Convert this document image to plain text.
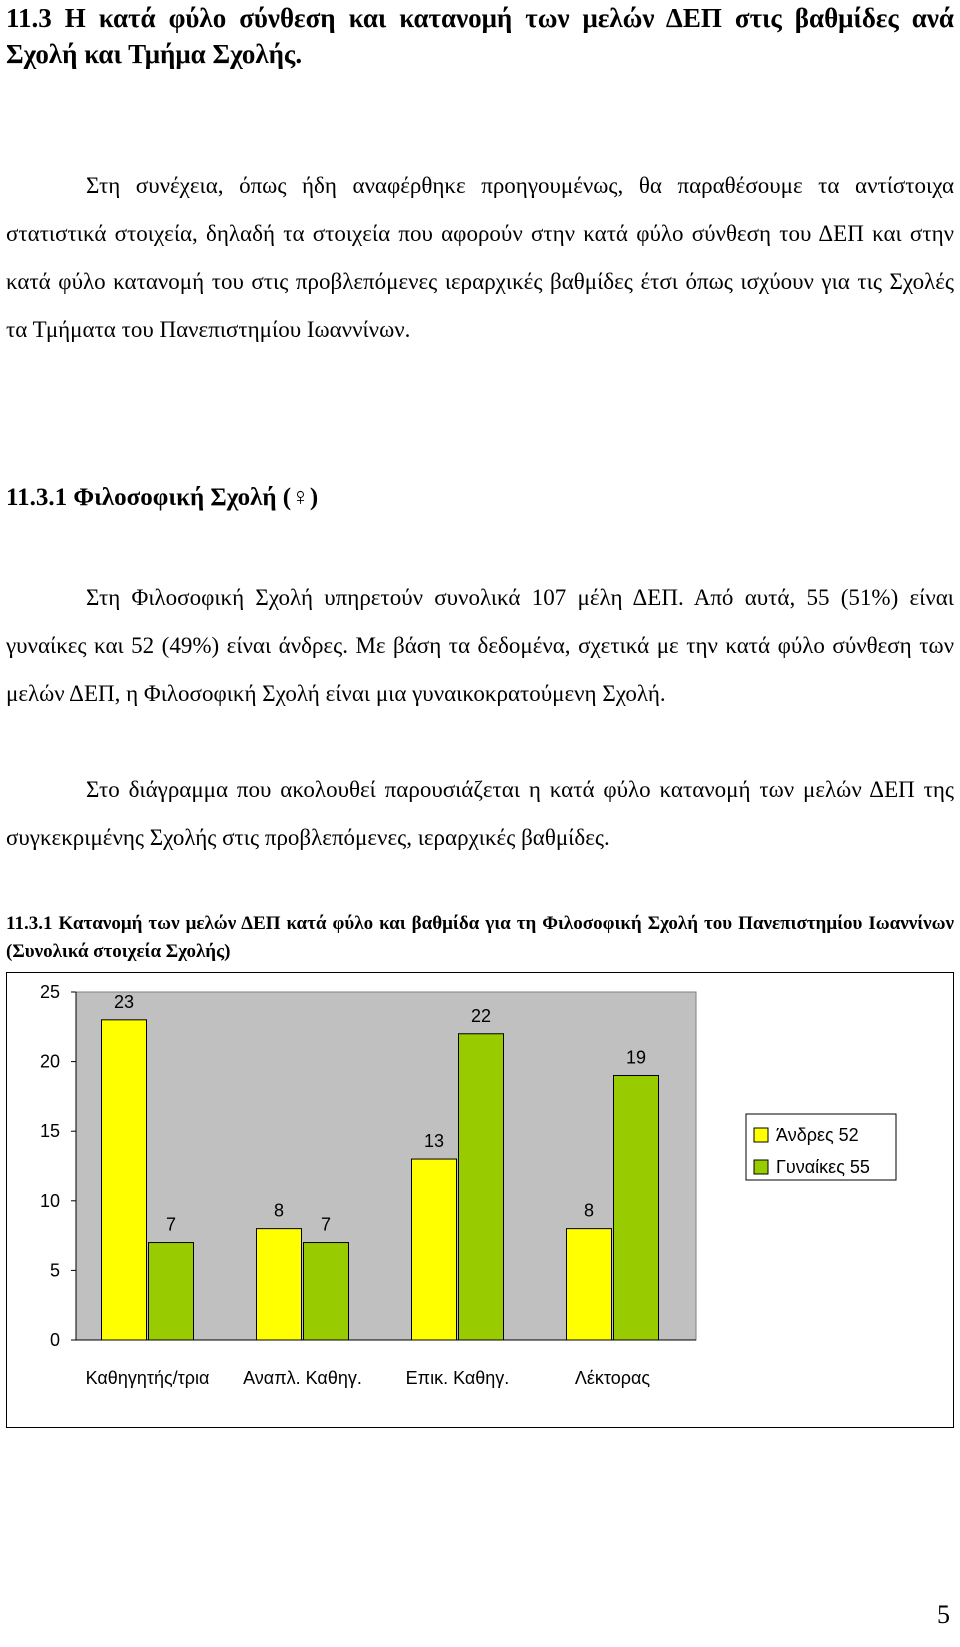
11.3 Η κατά φύλο σύνθεση και κατανομή των μελών ΔΕΠ στις βαθμίδες ανά Σχολή και Τμήμα Σχολής.

Στη συνέχεια, όπως ήδη αναφέρθηκε προηγουμένως, θα παραθέσουμε τα αντίστοιχα στατιστικά στοιχεία, δηλαδή τα στοιχεία που αφορούν στην κατά φύλο σύνθεση του ΔΕΠ και στην κατά φύλο κατανομή του στις προβλεπόμενες ιεραρχικές βαθμίδες έτσι όπως ισχύουν για τις Σχολές τα Τμήματα του Πανεπιστημίου Ιωαννίνων.

11.3.1 Φιλοσοφική Σχολή (♀)

Στη Φιλοσοφική Σχολή υπηρετούν συνολικά 107 μέλη ΔΕΠ. Από αυτά, 55 (51%) είναι γυναίκες και 52 (49%) είναι άνδρες. Με βάση τα δεδομένα, σχετικά με την κατά φύλο σύνθεση των μελών ΔΕΠ, η Φιλοσοφική Σχολή είναι μια γυναικοκρατούμενη Σχολή.

Στο διάγραμμα που ακολουθεί παρουσιάζεται η κατά φύλο κατανομή των μελών ΔΕΠ της συγκεκριμένης Σχολής στις προβλεπόμενες, ιεραρχικές βαθμίδες.

11.3.1 Κατανομή των μελών ΔΕΠ κατά φύλο και βαθμίδα για τη Φιλοσοφική Σχολή του Πανεπιστημίου Ιωαννίνων (Συνολικά στοιχεία Σχολής)
0
5
10
15
20
25	23
7
8
7
13
22
8
19
Καθηγητής/τρια Αναπλ. Καθηγ. Επικ. Καθηγ.	Λέκτορας
Άνδρες 52
Γυναίκες 55
5
